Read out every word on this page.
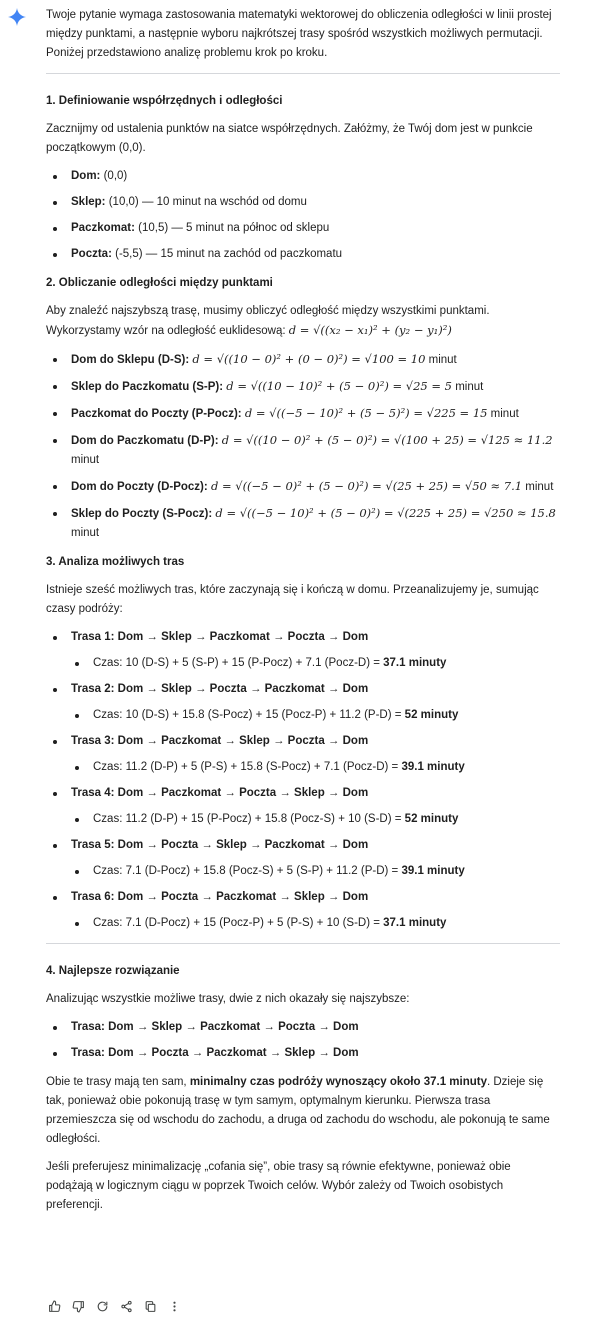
Twoje pytanie wymaga zastosowania matematyki wektorowej do obliczenia odległości w linii prostej między punktami, a następnie wyboru najkrótszej trasy spośród wszystkich możliwych permutacji. Poniżej przedstawiono analizę problemu krok po kroku.

1. Definiowanie współrzędnych i odległości

Zacznijmy od ustalenia punktów na siatce współrzędnych. Załóżmy, że Twój dom jest w punkcie początkowym (0,0).

Dom: (0,0)
Sklep: (10,0) — 10 minut na wschód od domu
Paczkomat: (10,5) — 5 minut na północ od sklepu
Poczta: (-5,5) — 15 minut na zachód od paczkomatu
2. Obliczanie odległości między punktami

Aby znaleźć najszybszą trasę, musimy obliczyć odległość między wszystkimi punktami.
Wykorzystamy wzór na odległość euklidesową: d = √((x₂ − x₁)² + (y₂ − y₁)²)

Dom do Sklepu (D-S): d = √((10 − 0)² + (0 − 0)²) = √100 = 10 minut
Sklep do Paczkomatu (S-P): d = √((10 − 10)² + (5 − 0)²) = √25 = 5 minut
Paczkomat do Poczty (P-Pocz): d = √((−5 − 10)² + (5 − 5)²) = √225 = 15 minut
Dom do Paczkomatu (D-P): d = √((10 − 0)² + (5 − 0)²) = √(100 + 25) = √125 ≈ 11.2 minut
Dom do Poczty (D-Pocz): d = √((−5 − 0)² + (5 − 0)²) = √(25 + 25) = √50 ≈ 7.1 minut
Sklep do Poczty (S-Pocz): d = √((−5 − 10)² + (5 − 0)²) = √(225 + 25) = √250 ≈ 15.8 minut
3. Analiza możliwych tras

Istnieje sześć możliwych tras, które zaczynają się i kończą w domu. Przeanalizujemy je, sumując czasy podróży:

Trasa 1: Dom → Sklep → Paczkomat → Poczta → Dom
Czas: 10 (D-S) + 5 (S-P) + 15 (P-Pocz) + 7.1 (Pocz-D) = 37.1 minuty
Trasa 2: Dom → Sklep → Poczta → Paczkomat → Dom
Czas: 10 (D-S) + 15.8 (S-Pocz) + 15 (Pocz-P) + 11.2 (P-D) = 52 minuty
Trasa 3: Dom → Paczkomat → Sklep → Poczta → Dom
Czas: 11.2 (D-P) + 5 (P-S) + 15.8 (S-Pocz) + 7.1 (Pocz-D) = 39.1 minuty
Trasa 4: Dom → Paczkomat → Poczta → Sklep → Dom
Czas: 11.2 (D-P) + 15 (P-Pocz) + 15.8 (Pocz-S) + 10 (S-D) = 52 minuty
Trasa 5: Dom → Poczta → Sklep → Paczkomat → Dom
Czas: 7.1 (D-Pocz) + 15.8 (Pocz-S) + 5 (S-P) + 11.2 (P-D) = 39.1 minuty
Trasa 6: Dom → Poczta → Paczkomat → Sklep → Dom
Czas: 7.1 (D-Pocz) + 15 (Pocz-P) + 5 (P-S) + 10 (S-D) = 37.1 minuty
4. Najlepsze rozwiązanie

Analizując wszystkie możliwe trasy, dwie z nich okazały się najszybsze:

Trasa: Dom → Sklep → Paczkomat → Poczta → Dom
Trasa: Dom → Poczta → Paczkomat → Sklep → Dom

Obie te trasy mają ten sam, minimalny czas podróży wynoszący około 37.1 minuty. Dzieje się tak, ponieważ obie pokonują trasę w tym samym, optymalnym kierunku. Pierwsza trasa przemieszcza się od wschodu do zachodu, a druga od zachodu do wschodu, ale pokonują te same odległości.

Jeśli preferujesz minimalizację „cofania się”, obie trasy są równie efektywne, ponieważ obie podążają w logicznym ciągu w poprzek Twoich celów. Wybór zależy od Twoich osobistych preferencji.
